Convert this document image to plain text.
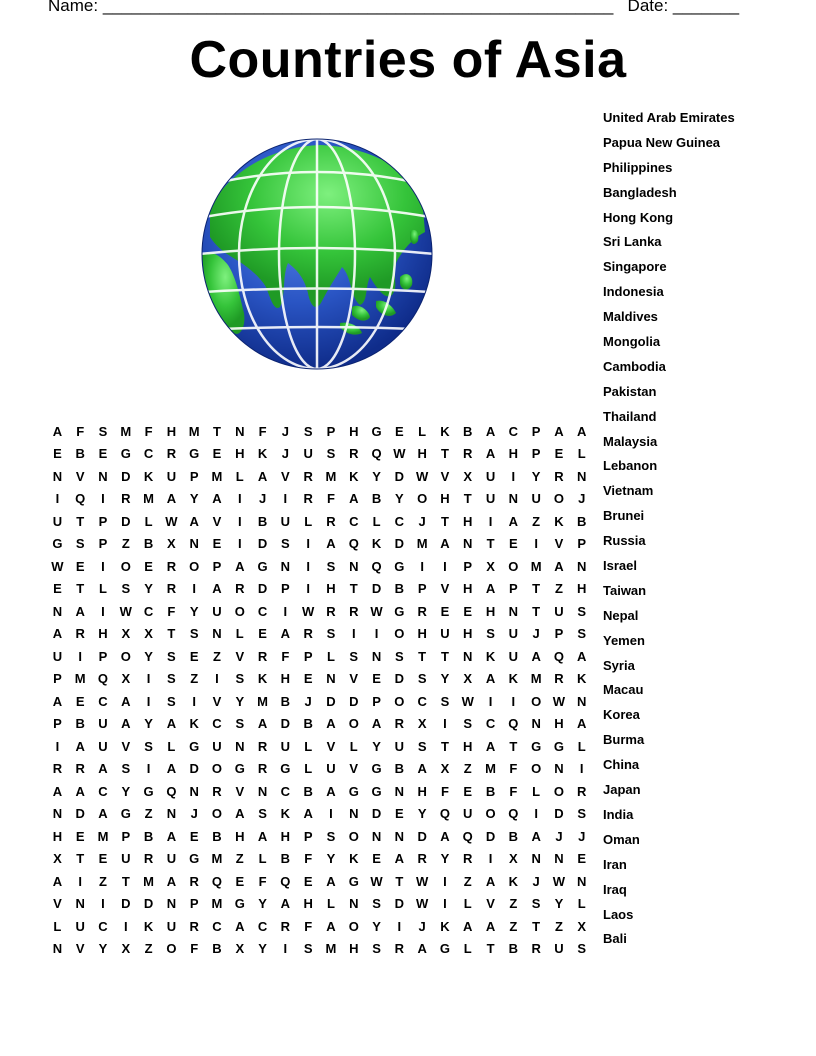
Name: ______________________________________________________ Date: _______
Countries of Asia
A	F	S	M	F	H	M	T	N	F	J	S	P	H	G	E	L	K	B	A	C	P	A	A
E	B	E	G	C	R	G	E	H	K	J	U	S	R	Q	W	H	T	R	A	H	P	E	L
N	V	N	D	K	U	P	M	L	A	V	R	M	K	Y	D	W	V	X	U	I	Y	R	N
I	Q	I	R	M	A	Y	A	I	J	I	R	F	A	B	Y	O	H	T	U	N	U	O	J
U	T	P	D	L	W	A	V	I	B	U	L	R	C	L	C	J	T	H	I	A	Z	K	B
G	S	P	Z	B	X	N	E	I	D	S	I	A	Q	K	D	M	A	N	T	E	I	V	P
W	E	I	O	E	R	O	P	A	G	N	I	S	N	Q	G	I	I	P	X	O	M	A	N
E	T	L	S	Y	R	I	A	R	D	P	I	H	T	D	B	P	V	H	A	P	T	Z	H
N	A	I	W	C	F	Y	U	O	C	I	W	R	R	W	G	R	E	E	H	N	T	U	S
A	R	H	X	X	T	S	N	L	E	A	R	S	I	I	O	H	U	H	S	U	J	P	S
U	I	P	O	Y	S	E	Z	V	R	F	P	L	S	N	S	T	T	N	K	U	A	Q	A
P	M	Q	X	I	S	Z	I	S	K	H	E	N	V	E	D	S	Y	X	A	K	M	R	K
A	E	C	A	I	S	I	V	Y	M	B	J	D	D	P	O	C	S	W	I	I	O	W	N
P	B	U	A	Y	A	K	C	S	A	D	B	A	O	A	R	X	I	S	C	Q	N	H	A
I	A	U	V	S	L	G	U	N	R	U	L	V	L	Y	U	S	T	H	A	T	G	G	L
R	R	A	S	I	A	D	O	G	R	G	L	U	V	G	B	A	X	Z	M	F	O	N	I
A	A	C	Y	G	Q	N	R	V	N	C	B	A	G	G	N	H	F	E	B	F	L	O	R
N	D	A	G	Z	N	J	O	A	S	K	A	I	N	D	E	Y	Q	U	O	Q	I	D	S
H	E	M	P	B	A	E	B	H	A	H	P	S	O	N	N	D	A	Q	D	B	A	J	J
X	T	E	U	R	U	G	M	Z	L	B	F	Y	K	E	A	R	Y	R	I	X	N	N	E
A	I	Z	T	M	A	R	Q	E	F	Q	E	A	G	W	T	W	I	Z	A	K	J	W	N
V	N	I	D	D	N	P	M	G	Y	A	H	L	N	S	D	W	I	L	V	Z	S	Y	L
L	U	C	I	K	U	R	C	A	C	R	F	A	O	Y	I	J	K	A	A	Z	T	Z	X
N	V	Y	X	Z	O	F	B	X	Y	I	S	M	H	S	R	A	G	L	T	B	R	U	S
United Arab Emirates
Papua New Guinea
Philippines
Bangladesh
Hong Kong
Sri Lanka
Singapore
Indonesia
Maldives
Mongolia
Cambodia
Pakistan
Thailand
Malaysia
Lebanon
Vietnam
Brunei
Russia
Israel
Taiwan
Nepal
Yemen
Syria
Macau
Korea
Burma
China
Japan
India
Oman
Iran
Iraq
Laos
Bali
